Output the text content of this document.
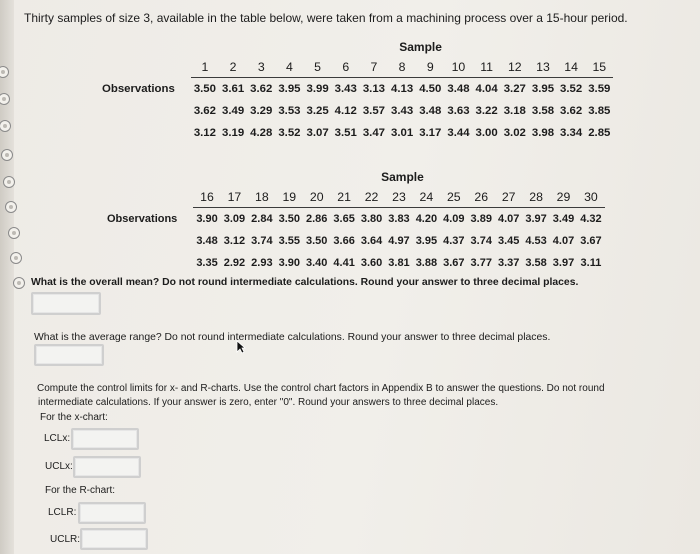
Thirty samples of size 3, available in the table below, were taken from a machining process over a 15-hour period.
	Sample														
	1	2	3	4	5	6	7	8	9	10	11	12	13	14	15
Observations	3.50	3.61	3.62	3.95	3.99	3.43	3.13	4.13	4.50	3.48	4.04	3.27	3.95	3.52	3.59
	3.62	3.49	3.29	3.53	3.25	4.12	3.57	3.43	3.48	3.63	3.22	3.18	3.58	3.62	3.85
	3.12	3.19	4.28	3.52	3.07	3.51	3.47	3.01	3.17	3.44	3.00	3.02	3.98	3.34	2.85
	Sample														
	16	17	18	19	20	21	22	23	24	25	26	27	28	29	30
Observations	3.90	3.09	2.84	3.50	2.86	3.65	3.80	3.83	4.20	4.09	3.89	4.07	3.97	3.49	4.32
	3.48	3.12	3.74	3.55	3.50	3.66	3.64	4.97	3.95	4.37	3.74	3.45	4.53	4.07	3.67
	3.35	2.92	2.93	3.90	3.40	4.41	3.60	3.81	3.88	3.67	3.77	3.37	3.58	3.97	3.11
What is the overall mean? Do not round intermediate calculations. Round your answer to three decimal places.
What is the average range? Do not round intermediate calculations. Round your answer to three decimal places.
Compute the control limits for x- and R-charts. Use the control chart factors in Appendix B to answer the questions. Do not round
intermediate calculations. If your answer is zero, enter "0". Round your answers to three decimal places.
For the x-chart:
LCLx:
UCLx:
For the R-chart:
LCLR:
UCLR:
